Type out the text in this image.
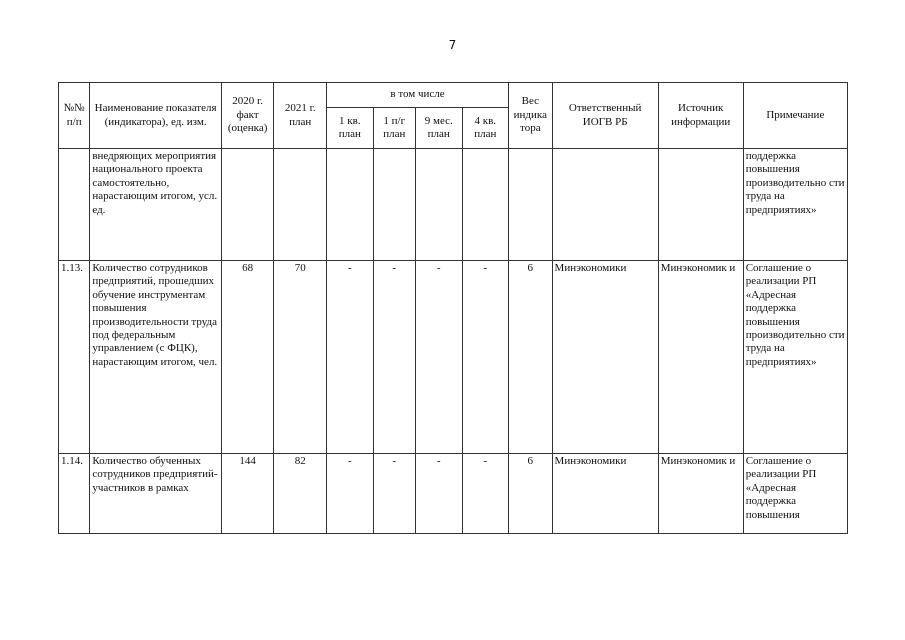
7
№№ п/п	Наименование показателя (индикатора), ед. изм.	2020 г. факт (оценка)	2021 г. план	в том числе				Вес индика тора	Ответственный ИОГВ РБ	Источник информации	Примечание
				1 кв. план	1 п/г план	9 мес. план	4 кв. план				
	внедряющих мероприятия национального проекта самостоятельно, нарастающим итогом, усл. ед.										поддержка повышения производительно сти труда на предприятиях»
1.13.	Количество сотрудников предприятий, прошедших обучение инструментам повышения производительности труда под федеральным управлением (с ФЦК), нарастающим итогом, чел.	68	70	-	-	-	-	6	Минэкономики	Минэкономик и	Соглашение о реализации РП «Адресная поддержка повышения производительно сти труда на предприятиях»
1.14.	Количество обученных сотрудников предприятий-участников в рамках	144	82	-	-	-	-	6	Минэкономики	Минэкономик и	Соглашение о реализации РП «Адресная поддержка повышения
